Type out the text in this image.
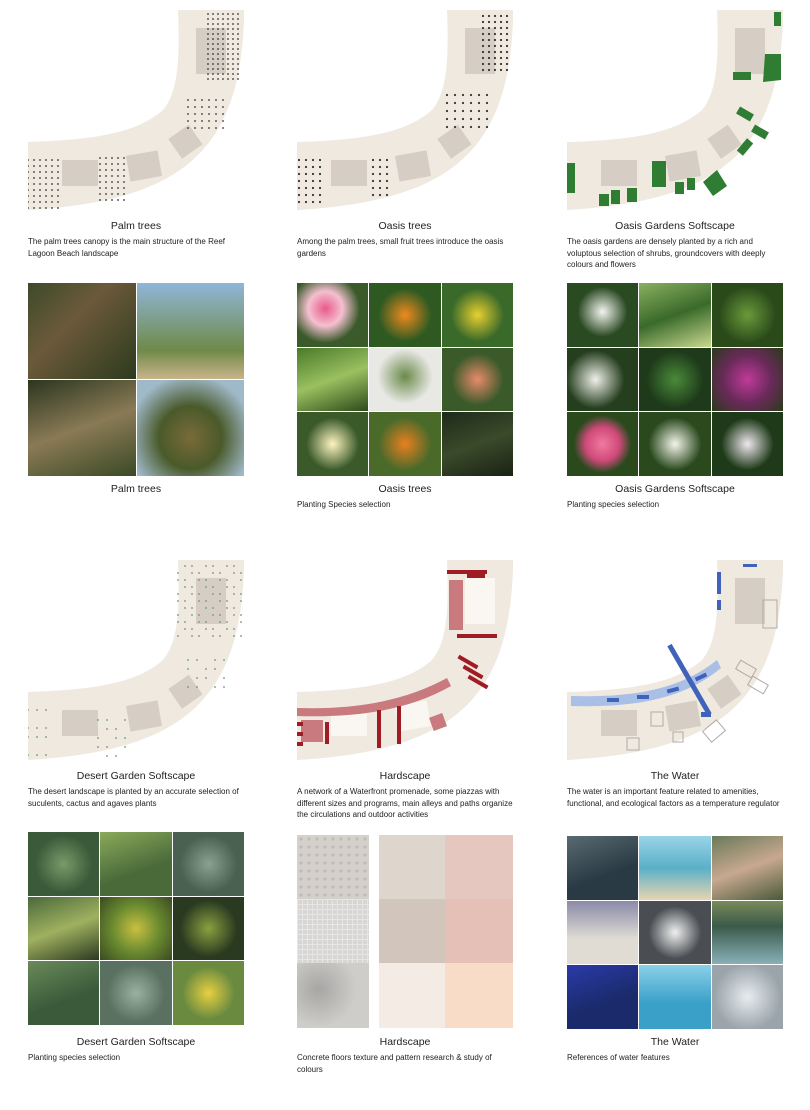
Palm trees
The palm trees canopy is the main structure of the Reef Lagoon Beach landscape
Palm trees
Oasis trees
Among the palm trees, small fruit trees introduce the oasis gardens
Oasis trees
Planting Species selection
Oasis Gardens Softscape
The oasis gardens are densely planted by a rich and voluptous selection of shrubs, groundcovers with deeply colours and flowers
Oasis Gardens Softscape
Planting species selection
Desert Garden Softscape
The desert landscape is planted by an accurate selection of suculents, cactus and agaves plants
Desert Garden Softscape
Planting species selection
Hardscape
A network of a Waterfront promenade, some piazzas with different sizes and programs, main alleys and paths organize the circulations and outdoor activities
Hardscape
Concrete floors texture and pattern research & study of colours
The Water
The water is an important feature related to amenities, functional, and ecological factors as a temperature regulator
The Water
References of water features
